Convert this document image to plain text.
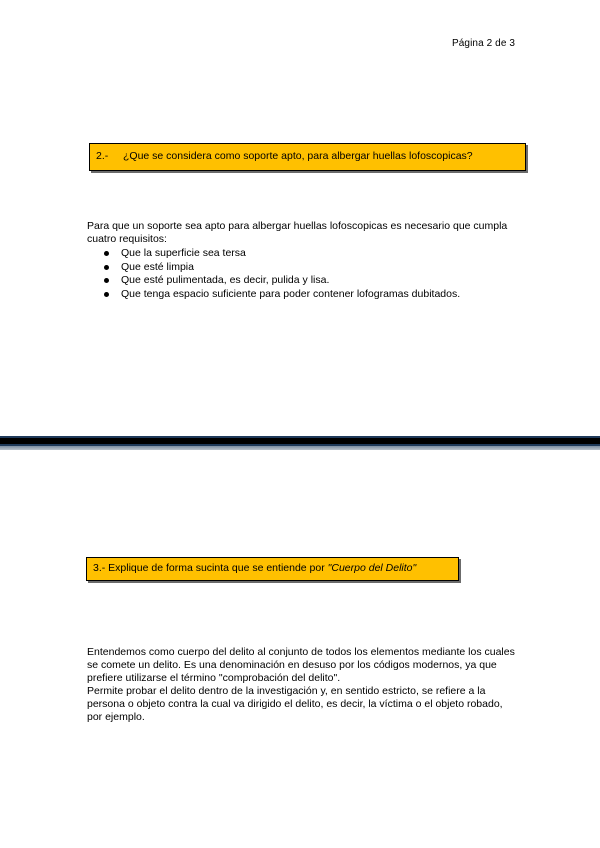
Página 2 de 3
2.- ¿Que se considera como soporte apto, para albergar huellas lofoscopicas?
Para que un soporte sea apto para albergar huellas lofoscopicas es necesario que cumpla cuatro requisitos:
Que la superficie sea tersa
Que esté limpia
Que esté pulimentada, es decir, pulida y lisa.
Que tenga espacio suficiente para poder contener lofogramas dubitados.
3.- Explique de forma sucinta que se entiende por "Cuerpo del Delito"
Entendemos como cuerpo del delito al conjunto de todos los elementos mediante los cuales se comete un delito. Es una denominación en desuso por los códigos modernos, ya que prefiere utilizarse el término "comprobación del delito".
Permite probar el delito dentro de la investigación y, en sentido estricto, se refiere a la persona o objeto contra la cual va dirigido el delito, es decir, la víctima o el objeto robado, por ejemplo.
